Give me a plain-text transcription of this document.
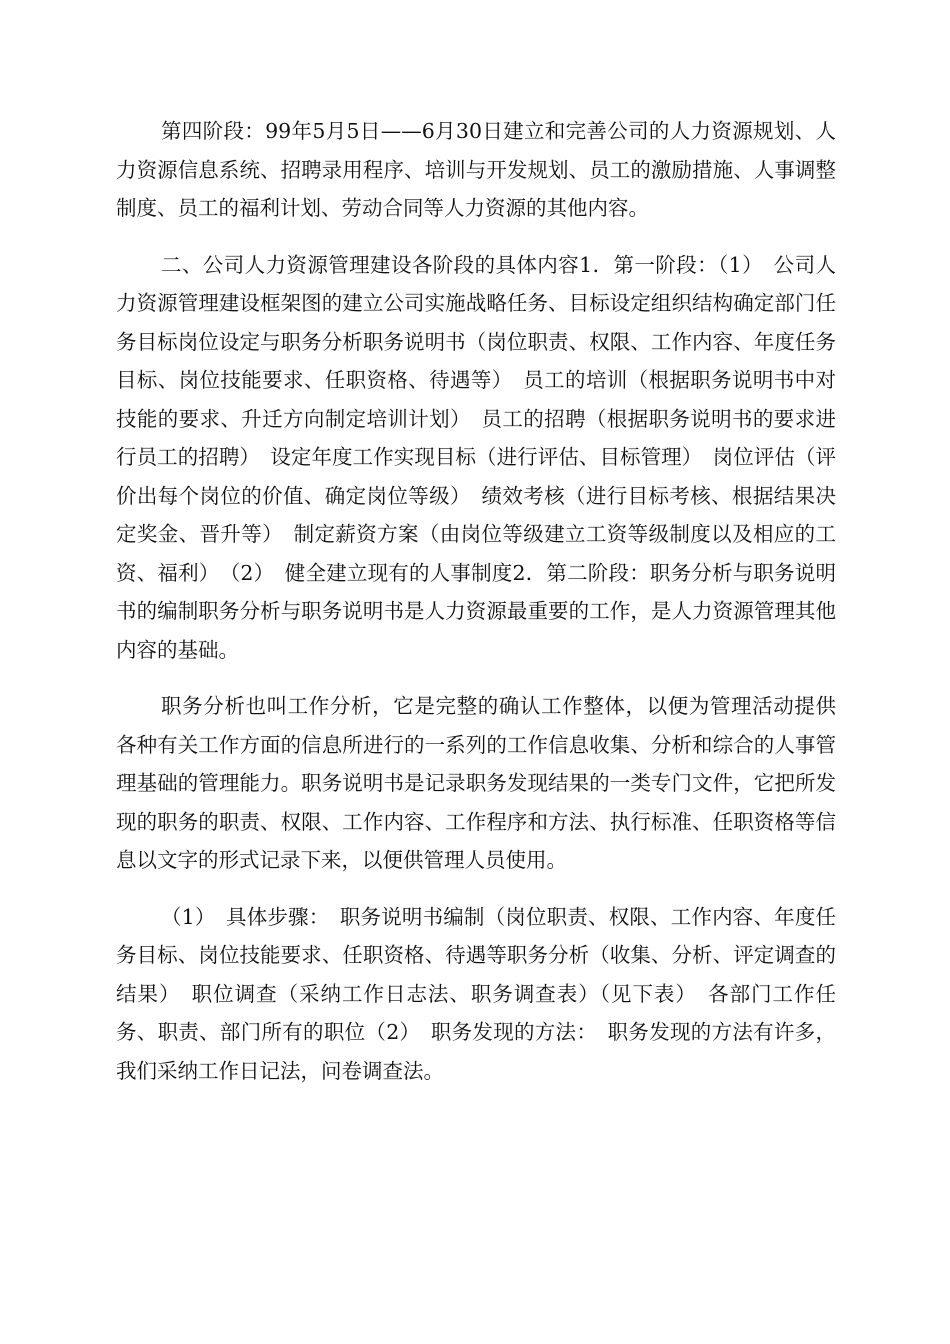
第四阶段：99年5月5日——6月30日建立和完善公司的人力资源规划、人力资源信息系统、招聘录用程序、培训与开发规划、员工的激励措施、人事调整制度、员工的福利计划、劳动合同等人力资源的其他内容。

二、公司人力资源管理建设各阶段的具体内容1．第一阶段：（1）　公司人力资源管理建设框架图的建立公司实施战略任务、目标设定组织结构确定部门任务目标岗位设定与职务分析职务说明书（岗位职责、权限、工作内容、年度任务目标、岗位技能要求、任职资格、待遇等）　员工的培训（根据职务说明书中对技能的要求、升迁方向制定培训计划）　员工的招聘（根据职务说明书的要求进行员工的招聘）　设定年度工作实现目标（进行评估、目标管理）　岗位评估（评价出每个岗位的价值、确定岗位等级）　绩效考核（进行目标考核、根据结果决定奖金、晋升等）　制定薪资方案（由岗位等级建立工资等级制度以及相应的工资、福利）　（2）　健全建立现有的人事制度2．第二阶段：职务分析与职务说明书的编制职务分析与职务说明书是人力资源最重要的工作，是人力资源管理其他内容的基础。

职务分析也叫工作分析，它是完整的确认工作整体，以便为管理活动提供各种有关工作方面的信息所进行的一系列的工作信息收集、分析和综合的人事管理基础的管理能力。职务说明书是记录职务发现结果的一类专门文件，它把所发现的职务的职责、权限、工作内容、工作程序和方法、执行标准、任职资格等信息以文字的形式记录下来，以便供管理人员使用。

（1）　具体步骤：　职务说明书编制（岗位职责、权限、工作内容、年度任务目标、岗位技能要求、任职资格、待遇等职务分析（收集、分析、评定调查的结果）　职位调查（采纳工作日志法、职务调查表）（见下表）　各部门工作任务、职责、部门所有的职位（2）　职务发现的方法：　职务发现的方法有许多，我们采纳工作日记法，问卷调查法。
